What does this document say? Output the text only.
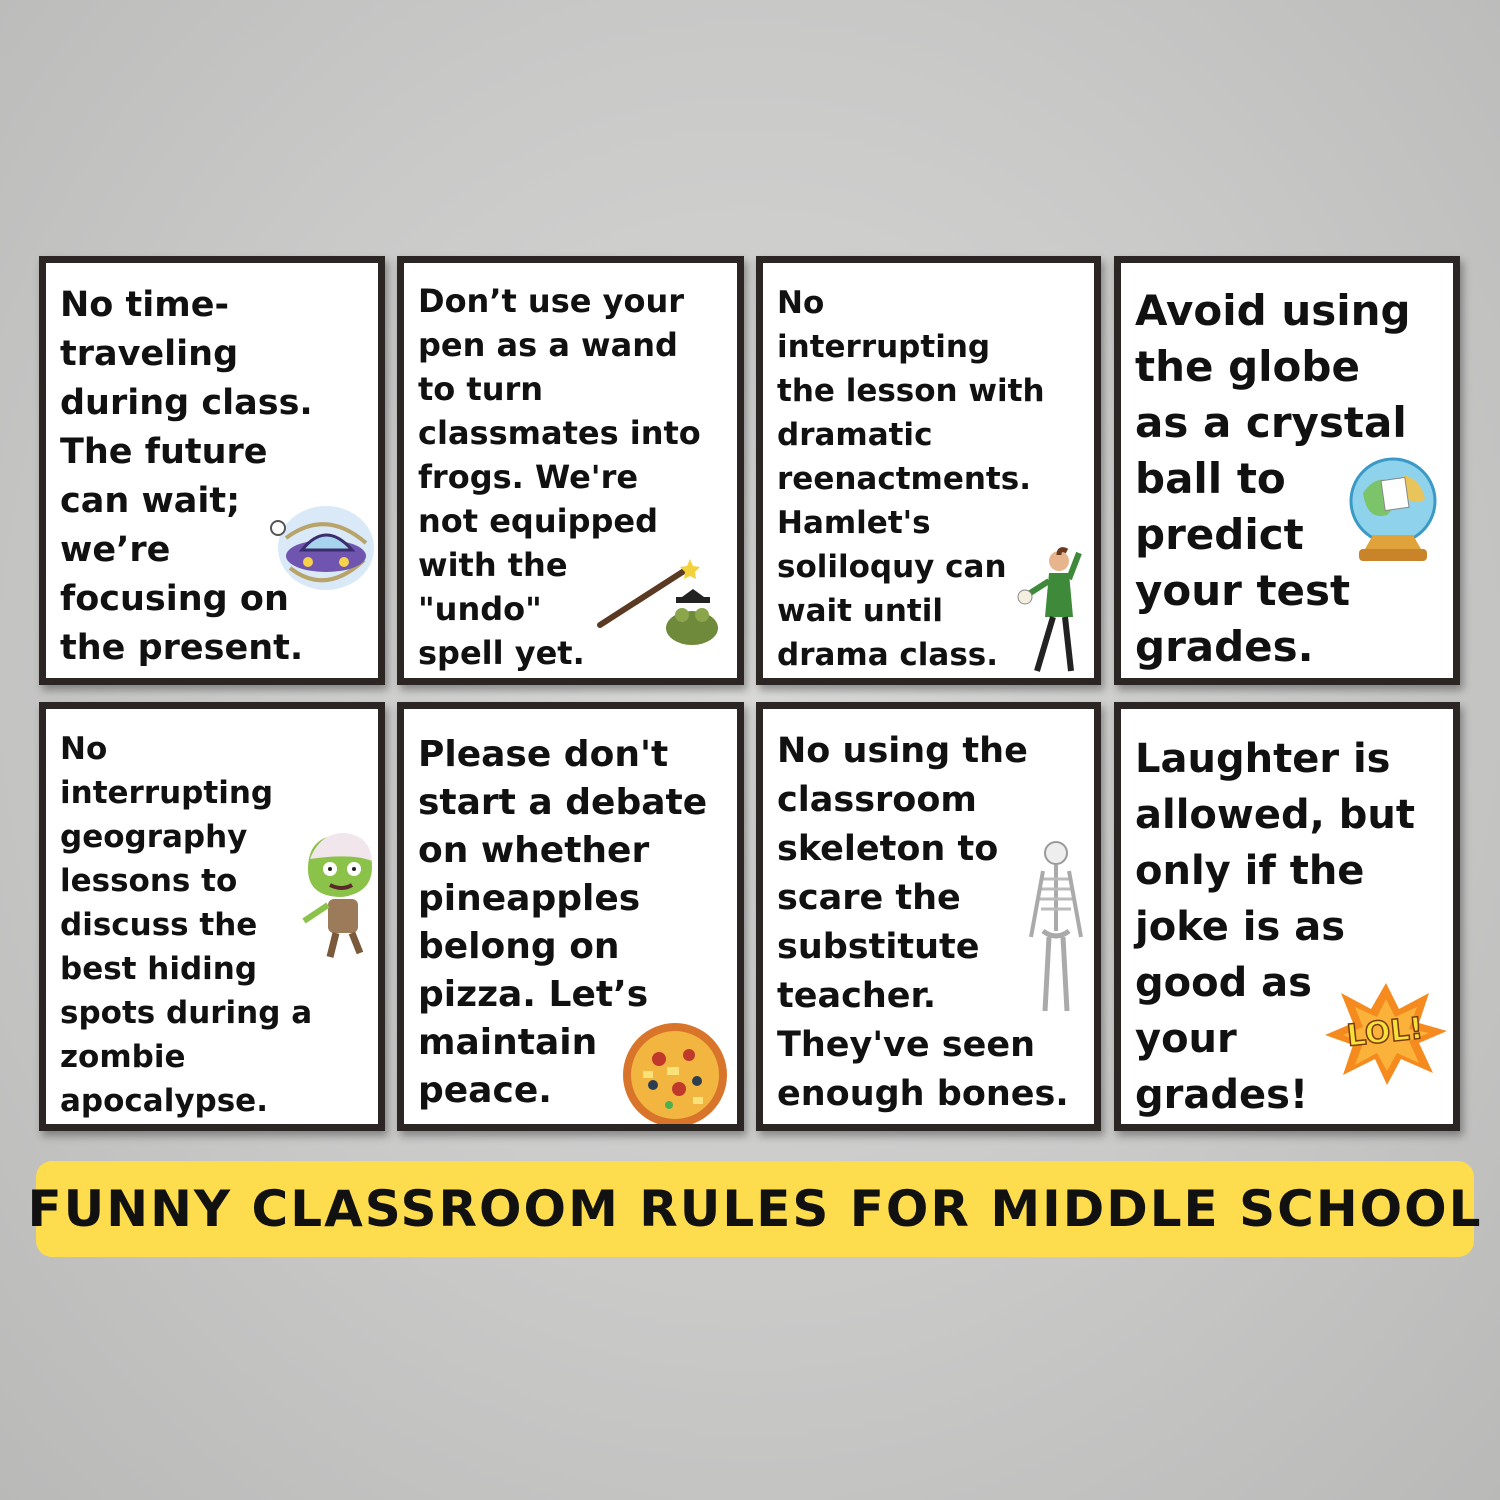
No time-
traveling
during class.
The future
can wait;
we’re
focusing on
the present.

Don’t use your
pen as a wand
to turn
classmates into
frogs. We're
not equipped
with the
"undo"
spell yet.

No
interrupting
the lesson with
dramatic
reenactments.
Hamlet's
soliloquy can
wait until
drama class.

Avoid using
the globe
as a crystal
ball to
predict
your test
grades.

No
interrupting
geography
lessons to
discuss the
best hiding
spots during a
zombie
apocalypse.

Please don't
start a debate
on whether
pineapples
belong on
pizza. Let’s
maintain
peace.

No using the
classroom
skeleton to
scare the
substitute
teacher.
They've seen
enough bones.

Laughter is
allowed, but
only if the
joke is as
good as
your
grades!

LOL!
FUNNY CLASSROOM RULES FOR MIDDLE SCHOOL
